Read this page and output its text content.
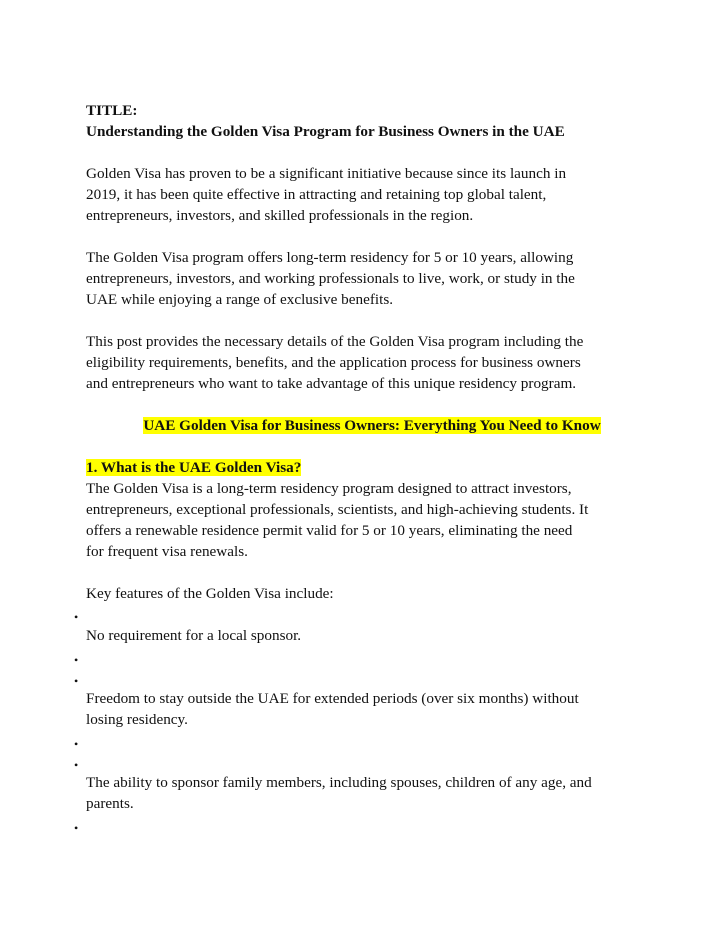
TITLE:

Understanding the Golden Visa Program for Business Owners in the UAE

Golden Visa has proven to be a significant initiative because since its launch in

2019, it has been quite effective in attracting and retaining top global talent,

entrepreneurs, investors, and skilled professionals in the region.

The Golden Visa program offers long-term residency for 5 or 10 years, allowing

entrepreneurs, investors, and working professionals to live, work, or study in the

UAE while enjoying a range of exclusive benefits.

This post provides the necessary details of the Golden Visa program including the

eligibility requirements, benefits, and the application process for business owners

and entrepreneurs who want to take advantage of this unique residency program.

UAE Golden Visa for Business Owners: Everything You Need to Know

1. What is the UAE Golden Visa?

The Golden Visa is a long-term residency program designed to attract investors,

entrepreneurs, exceptional professionals, scientists, and high-achieving students. It

offers a renewable residence permit valid for 5 or 10 years, eliminating the need

for frequent visa renewals.

Key features of the Golden Visa include:

No requirement for a local sponsor.

Freedom to stay outside the UAE for extended periods (over six months) without

losing residency.

The ability to sponsor family members, including spouses, children of any age, and

parents.

•
•
•
•
•
•
